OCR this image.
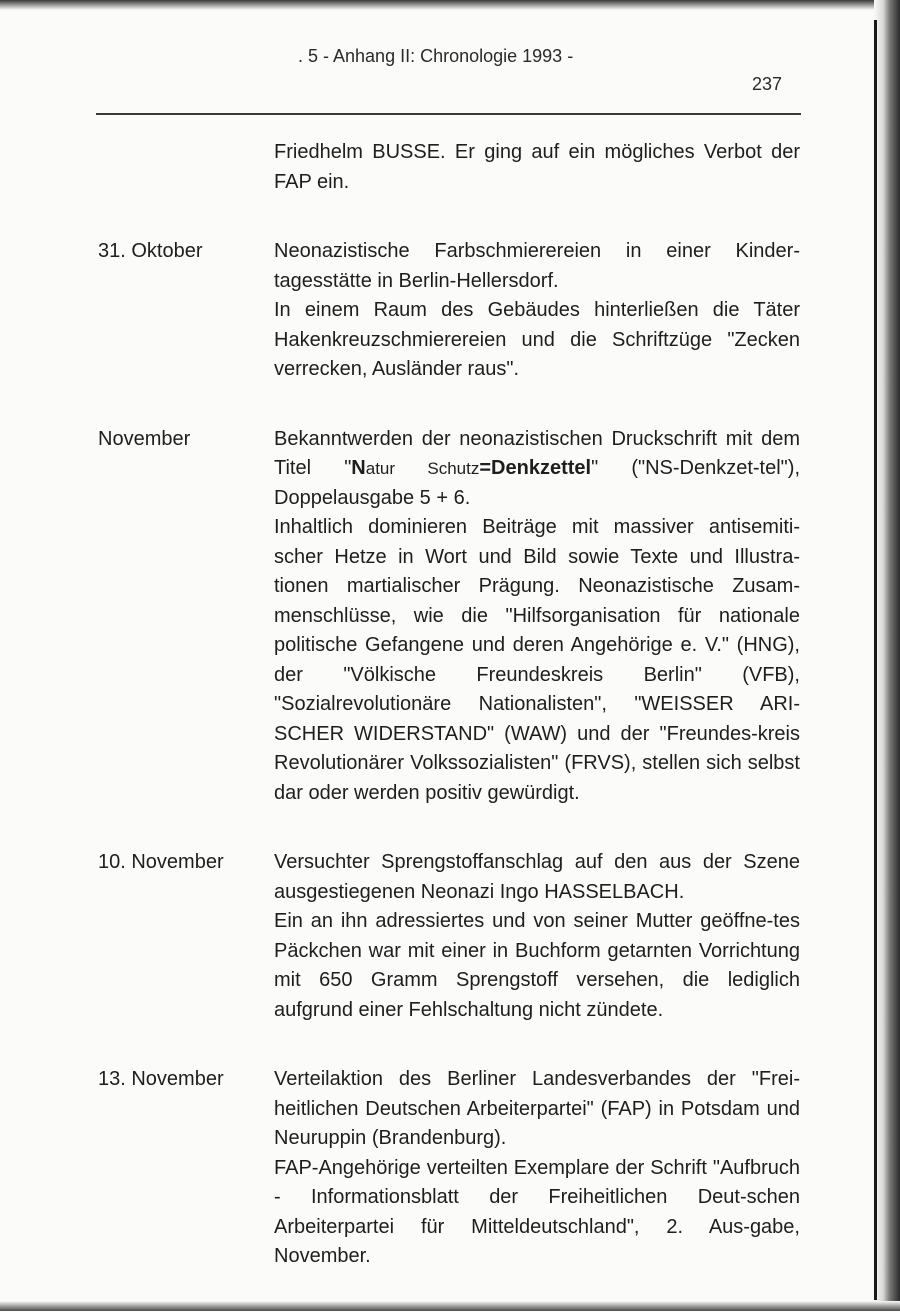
. 5 - Anhang II: Chronologie 1993 -
237

Friedhelm BUSSE. Er ging auf ein mögliches Verbot der FAP ein.

31. Oktober	Neonazistische Farbschmierereien in einer Kinder-tagesstätte in Berlin-Hellersdorf.

In einem Raum des Gebäudes hinterließen die Täter Hakenkreuzschmierereien und die Schriftzüge "Zecken verrecken, Ausländer raus".

November	Bekanntwerden der neonazistischen Druckschrift mit dem Titel "Natur Schutz=Denkzettel" ("NS-Denkzet-tel"), Doppelausgabe 5 + 6.

Inhaltlich dominieren Beiträge mit massiver antisemiti-scher Hetze in Wort und Bild sowie Texte und Illustra-tionen martialischer Prägung. Neonazistische Zusam-menschlüsse, wie die "Hilfsorganisation für nationale politische Gefangene und deren Angehörige e. V." (HNG), der "Völkische Freundeskreis Berlin" (VFB), "Sozialrevolutionäre Nationalisten", "WEISSER ARI-SCHER WIDERSTAND" (WAW) und der "Freundes-kreis Revolutionärer Volkssozialisten" (FRVS), stellen sich selbst dar oder werden positiv gewürdigt.

10. November	Versuchter Sprengstoffanschlag auf den aus der Szene ausgestiegenen Neonazi Ingo HASSELBACH.

Ein an ihn adressiertes und von seiner Mutter geöffne-tes Päckchen war mit einer in Buchform getarnten Vorrichtung mit 650 Gramm Sprengstoff versehen, die lediglich aufgrund einer Fehlschaltung nicht zündete.

13. November	Verteilaktion des Berliner Landesverbandes der "Frei-heitlichen Deutschen Arbeiterpartei" (FAP) in Potsdam und Neuruppin (Brandenburg).

FAP-Angehörige verteilten Exemplare der Schrift "Aufbruch - Informationsblatt der Freiheitlichen Deut-schen Arbeiterpartei für Mitteldeutschland", 2. Aus-gabe, November.
